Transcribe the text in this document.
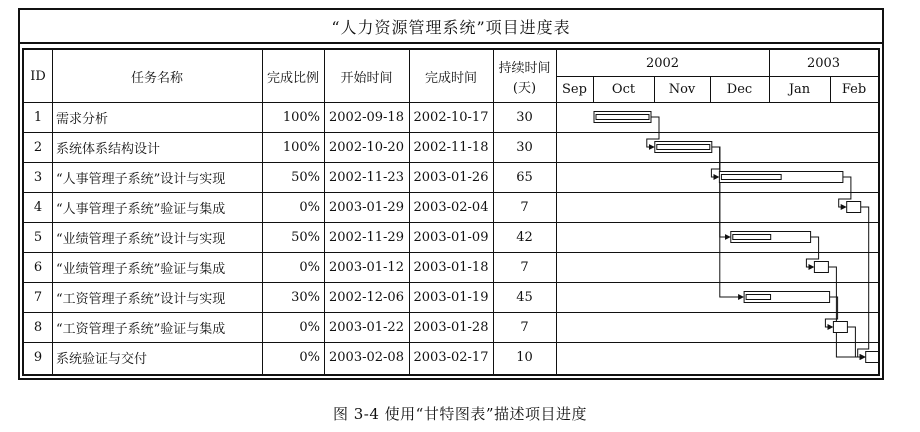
“人力资源管理系统”项目进度表
ID	任务名称	完成比例	开始时间	完成时间
持续时间
(天)
2002	2003
Sep	Oct	Nov	Dec	Jan	Feb
1	需求分析	100% 2002-09-18 2002-10-17	30
2	系统体系结构设计	100% 2002-10-20 2002-11-18	30
3	“人事管理子系统”设计与实现	50% 2002-11-23 2003-01-26	65
4	“人事管理子系统”验证与集成	0% 2003-01-29 2003-02-04	7
5	“业绩管理子系统”设计与实现	50% 2002-11-29 2003-01-09	42
6	“业绩管理子系统”验证与集成	0% 2003-01-12 2003-01-18	7
7	“工资管理子系统”设计与实现	30% 2002-12-06 2003-01-19	45
8	“工资管理子系统”验证与集成	0% 2003-01-22 2003-01-28	7
9	系统验证与交付	0% 2003-02-08 2003-02-17	10
图 3-4 使用“甘特图表”描述项目进度
